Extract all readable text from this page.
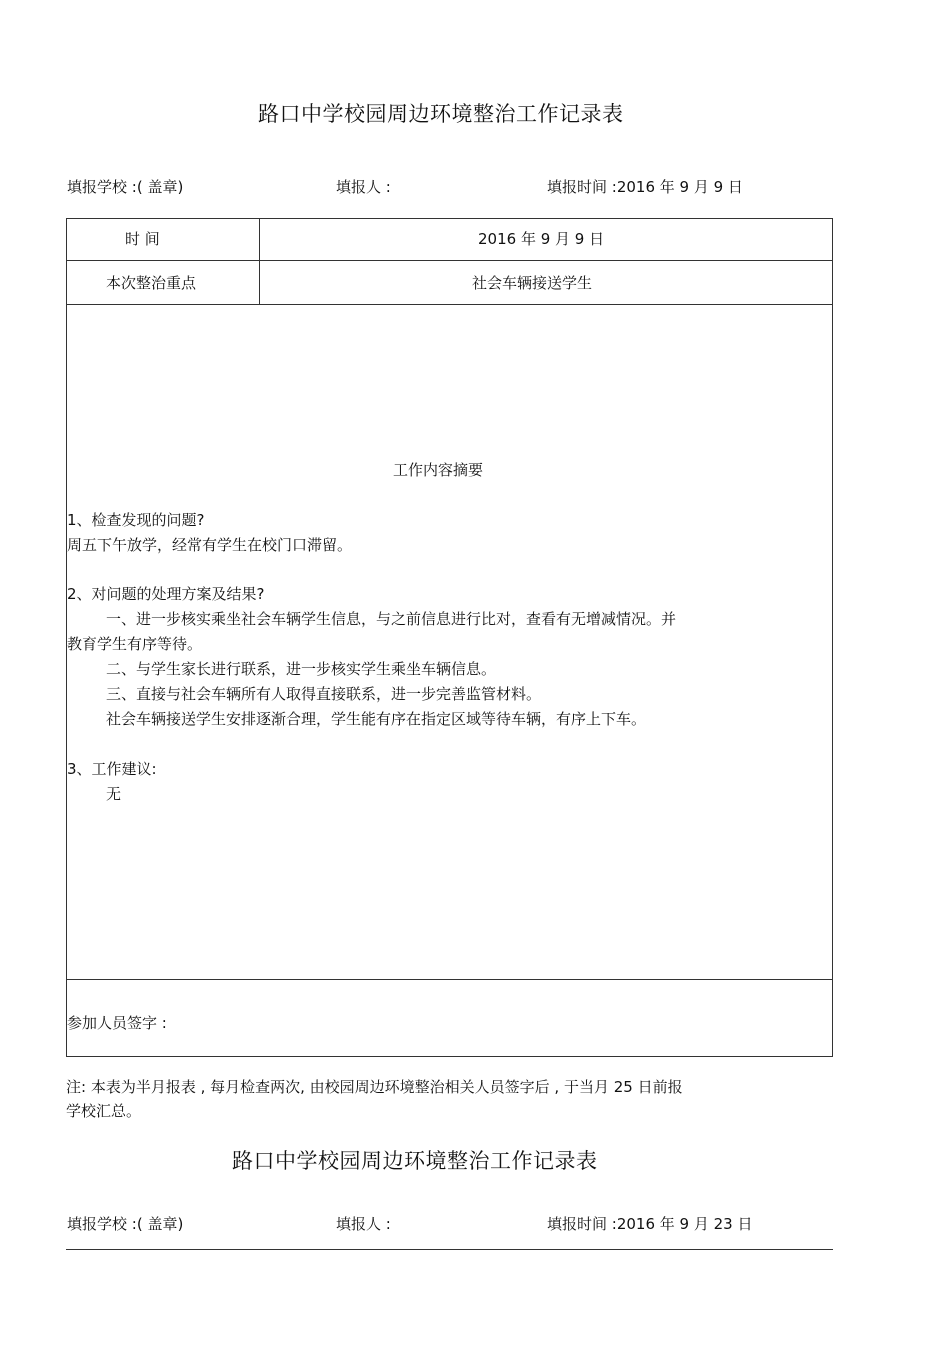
路口中学校园周边环境整治工作记录表
填报学校 :( 盖章)	填报人 :	填报时间 :2016 年 9 月 9 日
时 间	2016 年 9 月 9 日
本次整治重点	社会车辆接送学生
工作内容摘要
1、检查发现的问题?
周五下午放学，经常有学生在校门口滞留。
2、对问题的处理方案及结果?
一、进一步核实乘坐社会车辆学生信息，与之前信息进行比对，查看有无增减情况。并
教育学生有序等待。
二、与学生家长进行联系，进一步核实学生乘坐车辆信息。
三、直接与社会车辆所有人取得直接联系，进一步完善监管材料。
社会车辆接送学生安排逐渐合理，学生能有序在指定区域等待车辆，有序上下车。
3、工作建议:
无
参加人员签字 :
注: 本表为半月报表 , 每月检查两次, 由校园周边环境整治相关人员签字后 , 于当月 25 日前报
学校汇总。
路口中学校园周边环境整治工作记录表
填报学校 :( 盖章)	填报人 :	填报时间 :2016 年 9 月 23 日
